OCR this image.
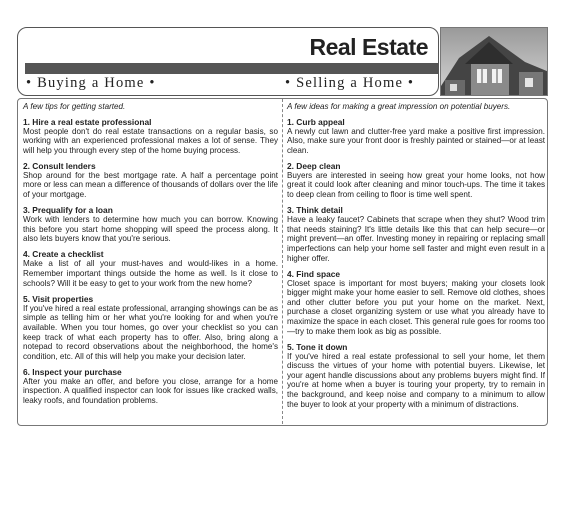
Real Estate
• Buying a Home •	• Selling a Home •

A few tips for getting started.

1. Hire a real estate professional

Most people don't do real estate transactions on a regular basis, so working with an experienced professional makes a lot of sense. They will help you through every step of the home buying process.

2. Consult lenders

Shop around for the best mortgage rate. A half a percentage point more or less can mean a difference of thousands of dollars over the life of your mortgage.

3. Prequalify for a loan

Work with lenders to determine how much you can borrow. Knowing this before you start home shopping will speed the process along. It also lets buyers know that you're serious.

4. Create a checklist

Make a list of all your must-haves and would-likes in a home. Remember important things outside the home as well. Is it close to schools? Will it be easy to get to your work from the new home?

5. Visit properties

If you've hired a real estate professional, arranging showings can be as simple as telling him or her what you're looking for and when you're available. When you tour homes, go over your checklist so you can keep track of what each property has to offer. Also, bring along a notepad to record observations about the neighborhood, the home's condition, etc. All of this will help you make your decision later.

6. Inspect your purchase

After you make an offer, and before you close, arrange for a home inspection. A qualified inspector can look for issues like cracked walls, leaky roofs, and foundation problems.

A few ideas for making a great impression on potential buyers.

1. Curb appeal

A newly cut lawn and clutter-free yard make a positive first impression. Also, make sure your front door is freshly painted or stained—or at least clean.

2. Deep clean

Buyers are interested in seeing how great your home looks, not how great it could look after cleaning and minor touch-ups. The time it takes to deep clean from ceiling to floor is time well spent.

3. Think detail

Have a leaky faucet? Cabinets that scrape when they shut? Wood trim that needs staining? It's little details like this that can help secure—or might prevent—an offer. Investing money in repairing or replacing small imperfections can help your home sell faster and might even result in a higher offer.

4. Find space

Closet space is important for most buyers; making your closets look bigger might make your home easier to sell. Remove old clothes, shoes and other clutter before you put your home on the market. Next, purchase a closet organizing system or use what you already have to maximize the space in each closet. This general rule goes for rooms too—try to make them look as big as possible.

5. Tone it down

If you've hired a real estate professional to sell your home, let them discuss the virtues of your home with potential buyers. Likewise, let your agent handle discussions about any problems buyers might find. If you're at home when a buyer is touring your property, try to remain in the background, and keep noise and company to a minimum to allow the buyer to look at your property with a minimum of distractions.
